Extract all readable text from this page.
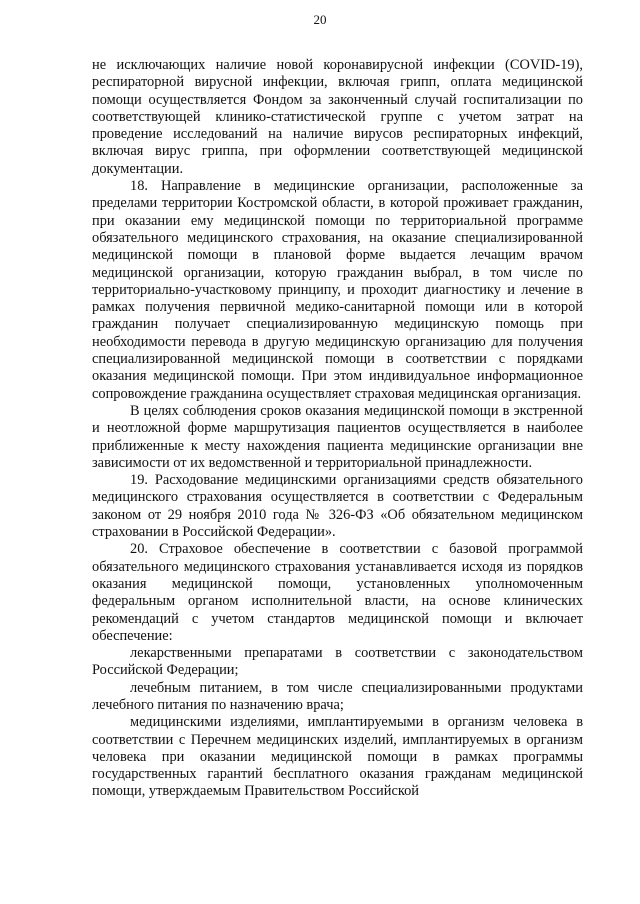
20

не исключающих наличие новой коронавирусной инфекции (COVID-19), респираторной вирусной инфекции, включая грипп, оплата медицинской помощи осуществляется Фондом за законченный случай госпитализации по соответствующей клинико-статистической группе с учетом затрат на проведение исследований на наличие вирусов респираторных инфекций, включая вирус гриппа, при оформлении соответствующей медицинской документации.

18. Направление в медицинские организации, расположенные за пределами территории Костромской области, в которой проживает гражданин, при оказании ему медицинской помощи по территориальной программе обязательного медицинского страхования, на оказание специализированной медицинской помощи в плановой форме выдается лечащим врачом медицинской организации, которую гражданин выбрал, в том числе по территориально-участковому принципу, и проходит диагностику и лечение в рамках получения первичной медико-санитарной помощи или в которой гражданин получает специализированную медицинскую помощь при необходимости перевода в другую медицинскую организацию для получения специализированной медицинской помощи в соответствии с порядками оказания медицинской помощи. При этом индивидуальное информационное сопровождение гражданина осуществляет страховая медицинская организация.

В целях соблюдения сроков оказания медицинской помощи в экстренной и неотложной форме маршрутизация пациентов осуществляется в наиболее приближенные к месту нахождения пациента медицинские организации вне зависимости от их ведомственной и территориальной принадлежности.

19. Расходование медицинскими организациями средств обязательного медицинского страхования осуществляется в соответствии с Федеральным законом от 29 ноября 2010 года № 326-ФЗ «Об обязательном медицинском страховании в Российской Федерации».

20. Страховое обеспечение в соответствии с базовой программой обязательного медицинского страхования устанавливается исходя из порядков оказания медицинской помощи, установленных уполномоченным федеральным органом исполнительной власти, на основе клинических рекомендаций с учетом стандартов медицинской помощи и включает обеспечение:

лекарственными препаратами в соответствии с законодательством Российской Федерации;

лечебным питанием, в том числе специализированными продуктами лечебного питания по назначению врача;

медицинскими изделиями, имплантируемыми в организм человека в соответствии с Перечнем медицинских изделий, имплантируемых в организм человека при оказании медицинской помощи в рамках программы государственных гарантий бесплатного оказания гражданам медицинской помощи, утверждаемым Правительством Российской
